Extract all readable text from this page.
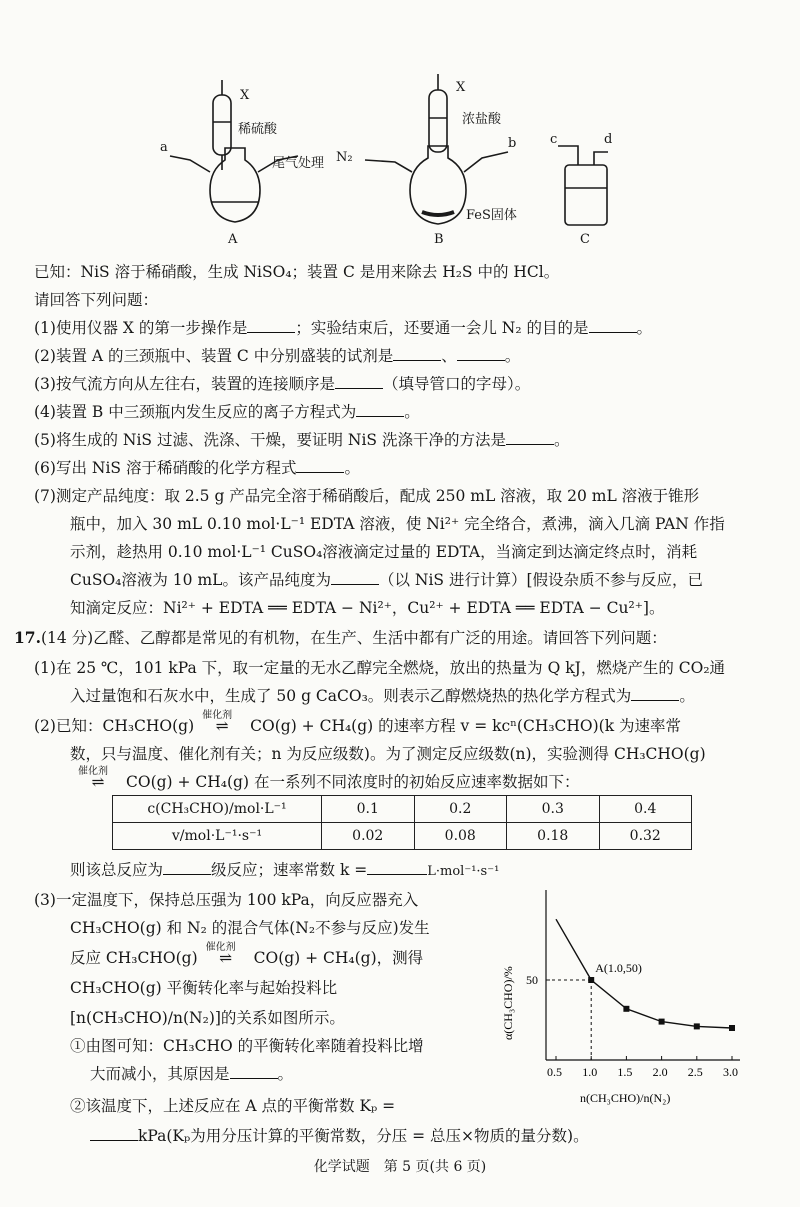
X
稀硫酸
a
尾气处理
A
X
浓盐酸
N₂
b
FeS固体
B
c	d
C
已知：NiS 溶于稀硝酸，生成 NiSO₄；装置 C 是用来除去 H₂S 中的 HCl。
请回答下列问题：
(1)使用仪器 X 的第一步操作是	；实验结束后，还要通一会儿 N₂ 的目的是	。
(2)装置 A 的三颈瓶中、装置 C 中分别盛装的试剂是	、	。
(3)按气流方向从左往右，装置的连接顺序是	（填导管口的字母）。
(4)装置 B 中三颈瓶内发生反应的离子方程式为	。
(5)将生成的 NiS 过滤、洗涤、干燥，要证明 NiS 洗涤干净的方法是	。
(6)写出 NiS 溶于稀硝酸的化学方程式	。
(7)测定产品纯度：取 2.5 g 产品完全溶于稀硝酸后，配成 250 mL 溶液，取 20 mL 溶液于锥形
瓶中，加入 30 mL 0.10 mol·L⁻¹ EDTA 溶液，使 Ni²⁺ 完全络合，煮沸，滴入几滴 PAN 作指
示剂，趁热用 0.10 mol·L⁻¹ CuSO₄溶液滴定过量的 EDTA，当滴定到达滴定终点时，消耗
CuSO₄溶液为 10 mL。该产品纯度为	（以 NiS 进行计算）[假设杂质不参与反应，已
知滴定反应：Ni²⁺ + EDTA ══ EDTA − Ni²⁺，Cu²⁺ + EDTA ══ EDTA − Cu²⁺]。
17.(14 分)乙醛、乙醇都是常见的有机物，在生产、生活中都有广泛的用途。请回答下列问题：
(1)在 25 ℃，101 kPa 下，取一定量的无水乙醇完全燃烧，放出的热量为 Q kJ，燃烧产生的 CO₂通
入过量饱和石灰水中，生成了 50 g CaCO₃。则表示乙醇燃烧热的热化学方程式为	。
(2)已知：CH₃CHO(g)
催化剂
⇌ CO(g) + CH₄(g) 的速率方程 v = kcⁿ(CH₃CHO)(k 为速率常
数，只与温度、催化剂有关；n 为反应级数)。为了测定反应级数(n)，实验测得 CH₃CHO(g)
催化剂
⇌ CO(g) + CH₄(g) 在一系列不同浓度时的初始反应速率数据如下：
c(CH₃CHO)/mol·L⁻¹	0.1	0.2	0.3	0.4
v/mol·L⁻¹·s⁻¹	0.02	0.08	0.18	0.32
则该总反应为	级反应；速率常数 k =	L·mol⁻¹·s⁻¹
(3)一定温度下，保持总压强为 100 kPa，向反应器充入
CH₃CHO(g) 和 N₂ 的混合气体(N₂不参与反应)发生
反应 CH₃CHO(g)
催化剂
⇌ CO(g) + CH₄(g)，测得
CH₃CHO(g) 平衡转化率与起始投料比
[n(CH₃CHO)/n(N₂)]的关系如图所示。
①由图可知：CH₃CHO 的平衡转化率随着投料比增
大而减小，其原因是	。
②该温度下，上述反应在 A 点的平衡常数 Kₚ =
kPa(Kₚ为用分压计算的平衡常数，分压 = 总压×物质的量分数)。
α(CH₃CHO)/%
n(CH₃CHO)/n(N₂)
0.5 1.0 1.5 2.0 2.5 3.0
50
A(1.0,50)
化学试题　第 5 页(共 6 页)
